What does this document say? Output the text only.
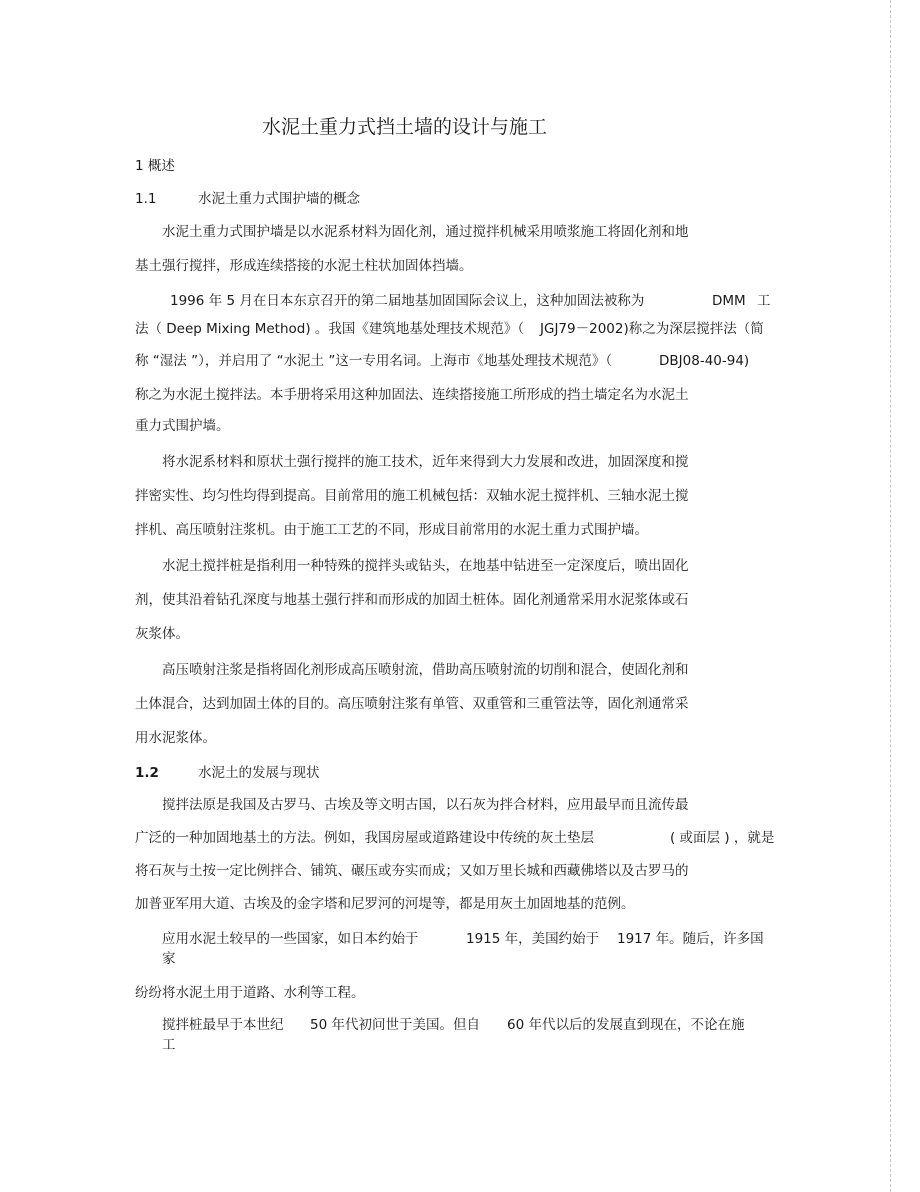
水泥土重力式挡土墙的设计与施工
1 概述
1.1	水泥土重力式围护墙的概念
水泥土重力式围护墙是以水泥系材料为固化剂，通过搅拌机械采用喷浆施工将固化剂和地
基土强行搅拌，形成连续搭接的水泥土柱状加固体挡墙。
1996 年 5 月在日本东京召开的第二届地基加固国际会议上，这种加固法被称为	DMM 工
法（ Deep Mixing Method) 。我国《建筑地基处理技术规范》（ JGJ79－2002)称之为深层搅拌法（简
称 “湿法 ”），并启用了 “水泥土 ”这一专用名词。上海市《地基处理技术规范》（	DBJ08-40-94)
称之为水泥土搅拌法。本手册将采用这种加固法、连续搭接施工所形成的挡土墙定名为水泥土
重力式围护墙。
将水泥系材料和原状土强行搅拌的施工技术，近年来得到大力发展和改进，加固深度和搅
拌密实性、均匀性均得到提高。目前常用的施工机械包括：双轴水泥土搅拌机、三轴水泥土搅
拌机、高压喷射注浆机。由于施工工艺的不同，形成目前常用的水泥土重力式围护墙。
水泥土搅拌桩是指利用一种特殊的搅拌头或钻头，在地基中钻进至一定深度后，喷出固化
剂，使其沿着钻孔深度与地基土强行拌和而形成的加固土桩体。固化剂通常采用水泥浆体或石
灰浆体。
高压喷射注浆是指将固化剂形成高压喷射流，借助高压喷射流的切削和混合，使固化剂和
土体混合，达到加固土体的目的。高压喷射注浆有单管、双重管和三重管法等，固化剂通常采
用水泥浆体。
1.2	水泥土的发展与现状
搅拌法原是我国及古罗马、古埃及等文明古国，以石灰为拌合材料，应用最早而且流传最
广泛的一种加固地基土的方法。例如，我国房屋或道路建设中传统的灰土垫层	( 或面层 ) ，就是
将石灰与土按一定比例拌合、铺筑、碾压或夯实而成；又如万里长城和西藏佛塔以及古罗马的
加普亚军用大道、古埃及的金字塔和尼罗河的河堤等，都是用灰土加固地基的范例。
应用水泥土较早的一些国家，如日本约始于	1915 年，美国约始于 1917 年。随后，许多国
家
纷纷将水泥土用于道路、水利等工程。
搅拌桩最早于本世纪 50 年代初问世于美国。但自 60 年代以后的发展直到现在，不论在施
工
